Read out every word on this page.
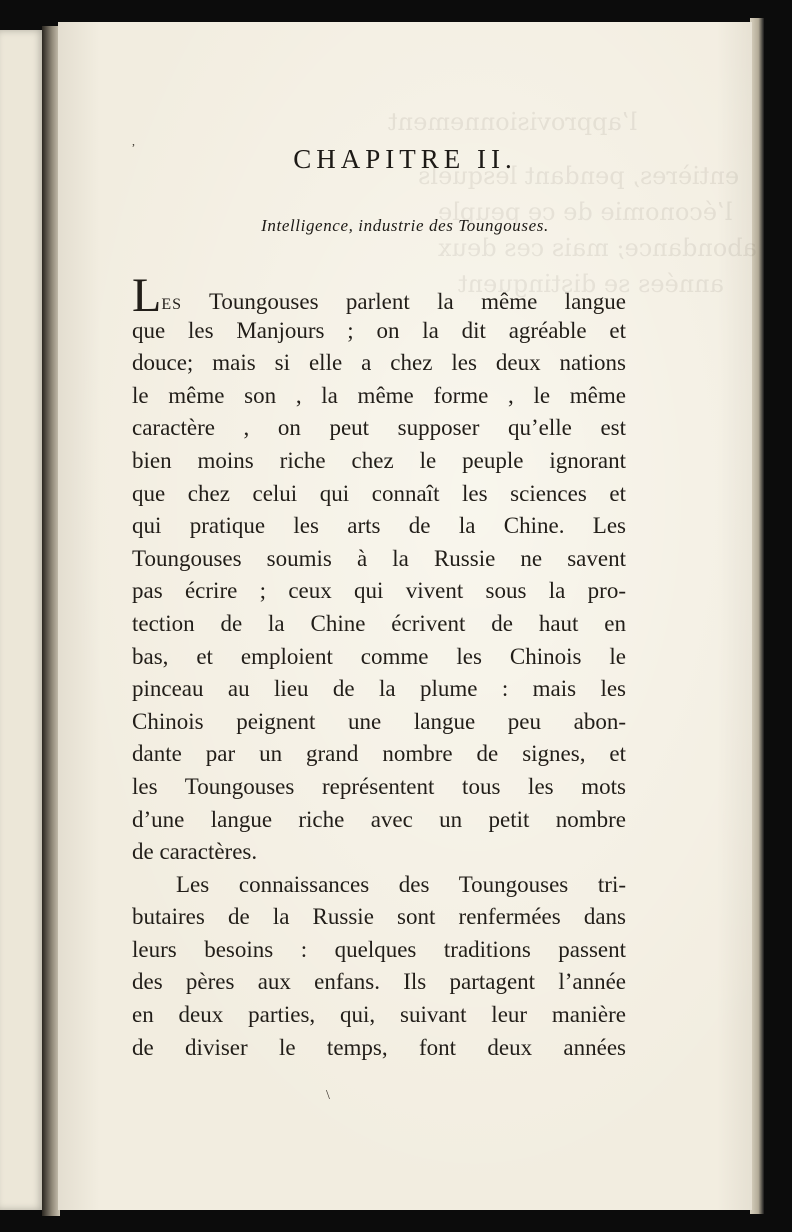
l’approvisionnement
entières, pendant lesquels
l’économie de ce peuple
abondance; mais ces deux
années se distinguent
,
CHAPITRE II.
Intelligence, industrie des Toungouses.
LES Toungouses parlent la même langue
que les Manjours ; on la dit agréable et
douce; mais si elle a chez les deux nations
le même son , la même forme , le même
caractère , on peut supposer qu’elle est
bien moins riche chez le peuple ignorant
que chez celui qui connaît les sciences et
qui pratique les arts de la Chine. Les
Toungouses soumis à la Russie ne savent
pas écrire ; ceux qui vivent sous la pro-
tection de la Chine écrivent de haut en
bas, et emploient comme les Chinois le
pinceau au lieu de la plume : mais les
Chinois peignent une langue peu abon-
dante par un grand nombre de signes, et
les Toungouses représentent tous les mots
d’une langue riche avec un petit nombre
de caractères.
Les connaissances des Toungouses tri-
butaires de la Russie sont renfermées dans
leurs besoins : quelques traditions passent
des pères aux enfans. Ils partagent l’année
en deux parties, qui, suivant leur manière
de diviser le temps, font deux années
\
